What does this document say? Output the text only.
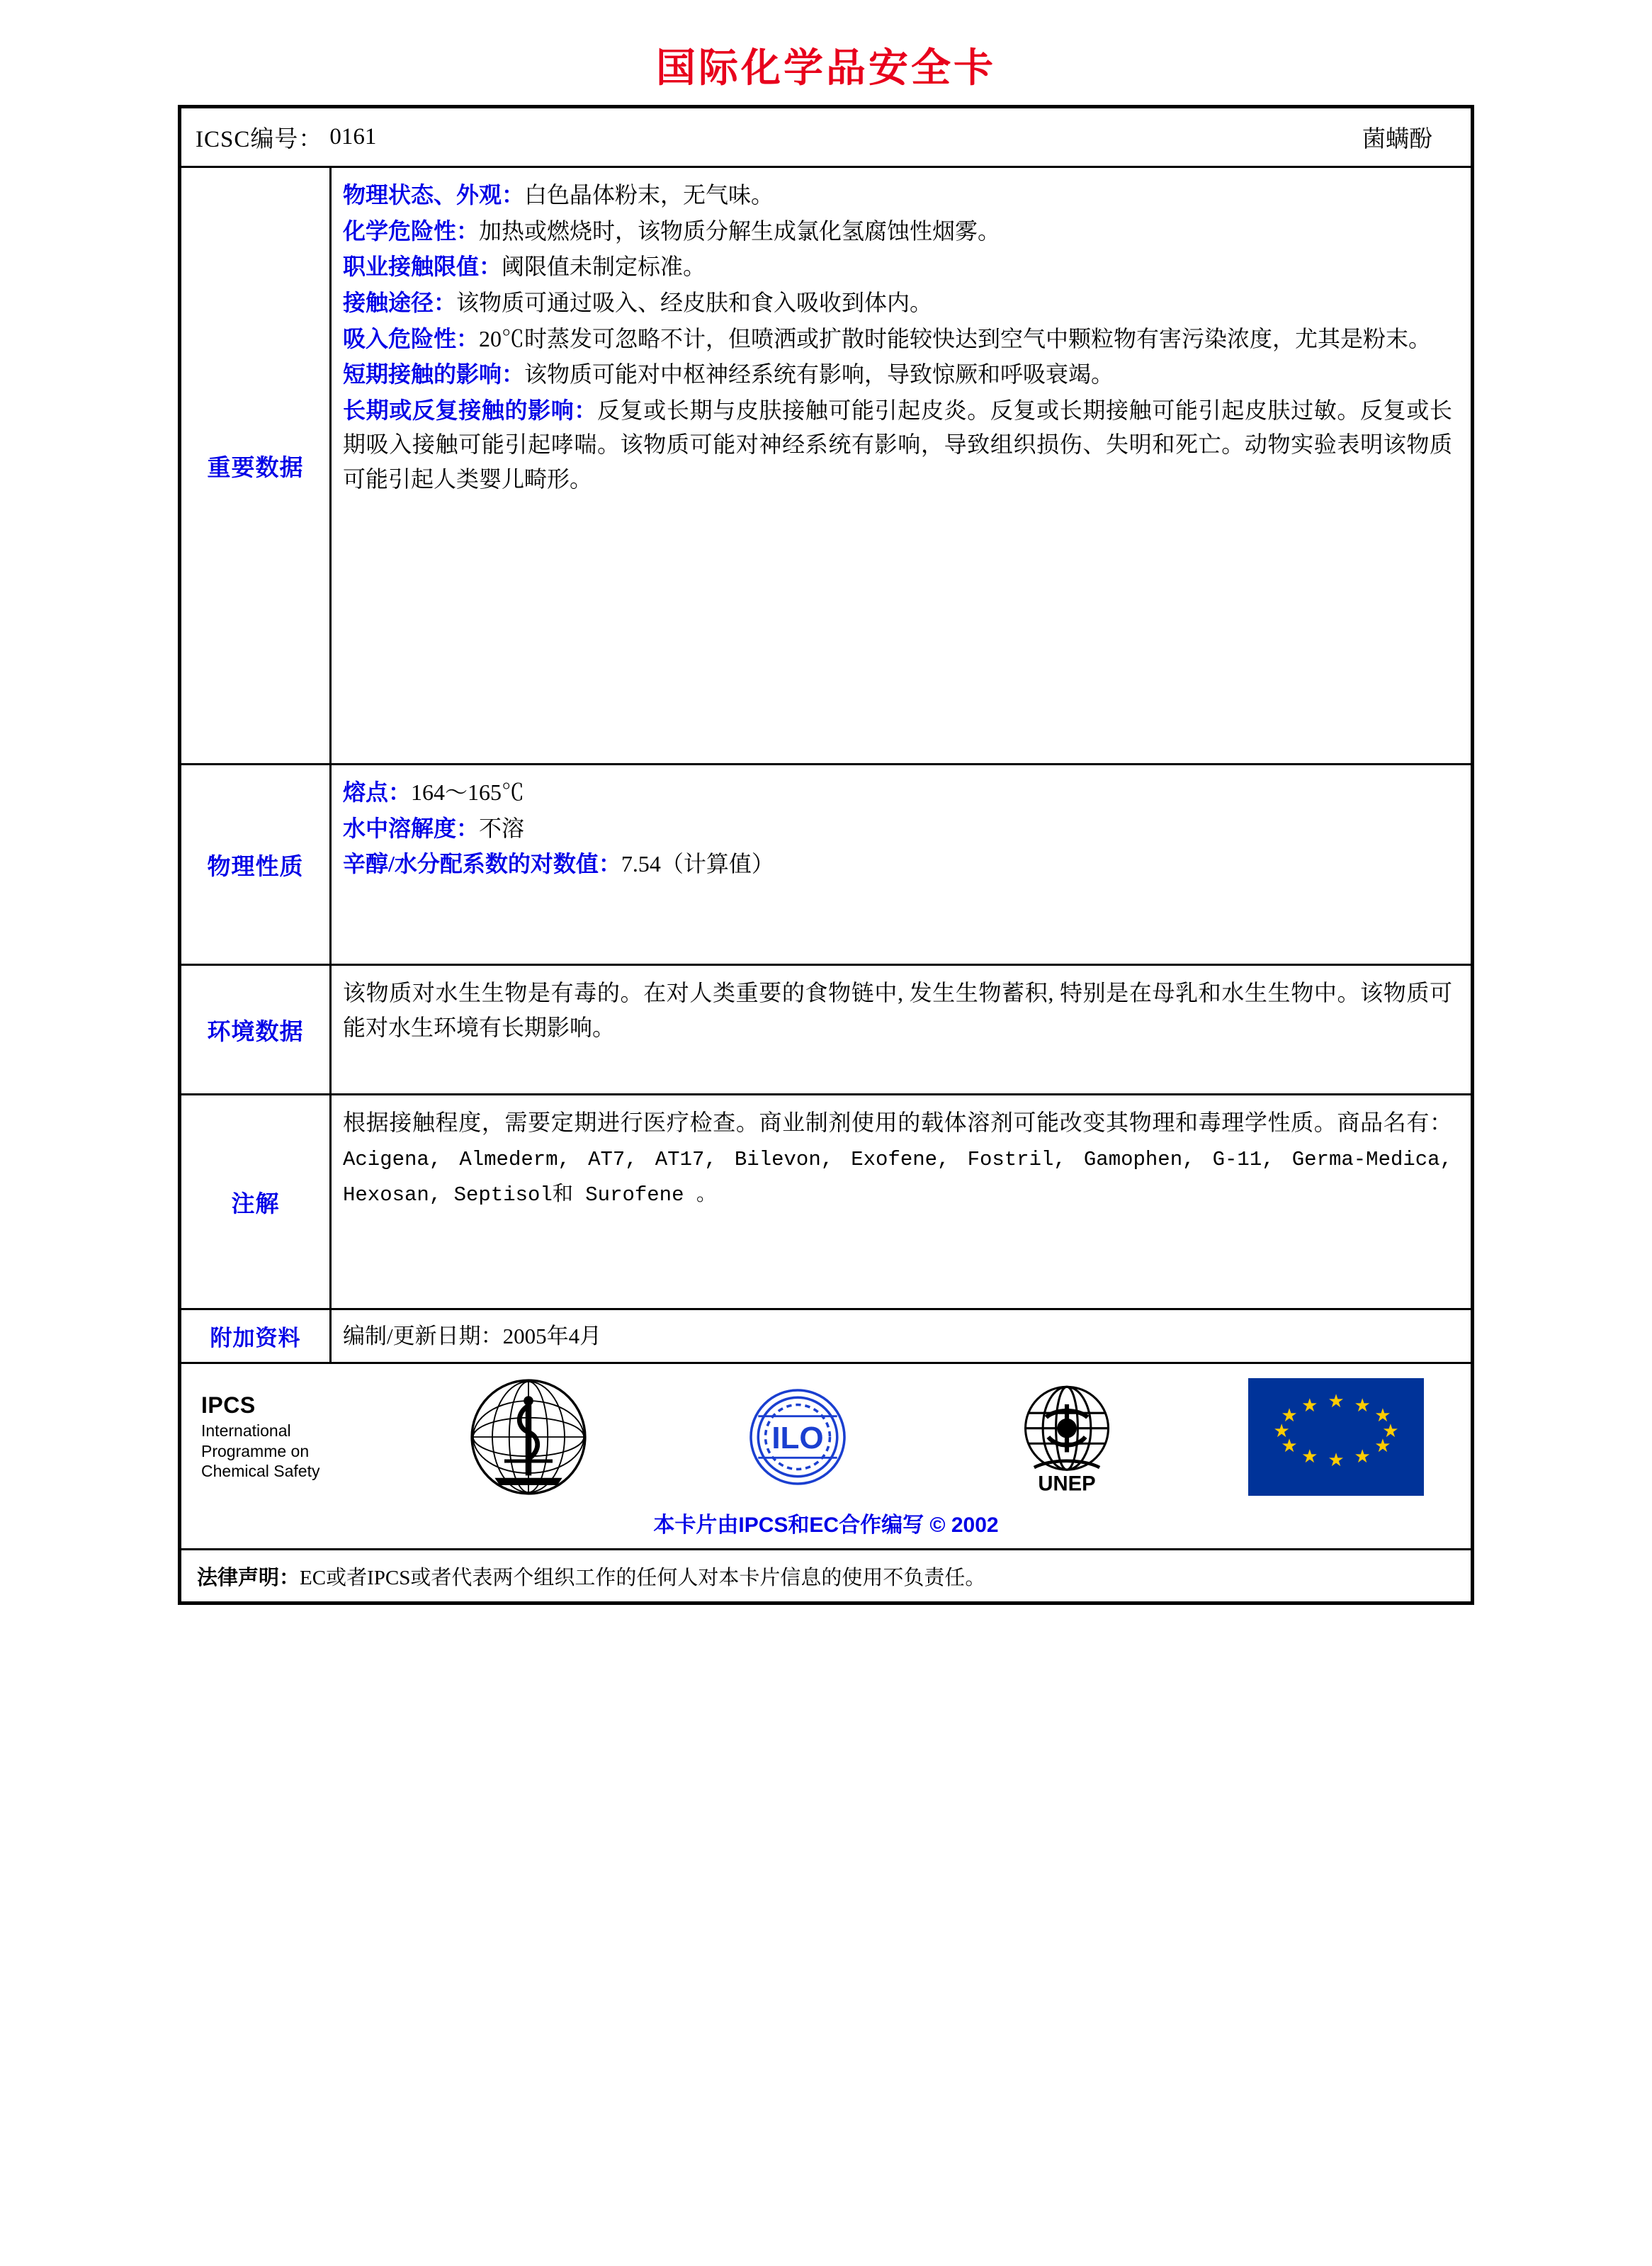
国际化学品安全卡
ICSC编号： 0161	菌螨酚
重要数据

物理状态、外观：白色晶体粉末，无气味。

化学危险性：加热或燃烧时，该物质分解生成氯化氢腐蚀性烟雾。

职业接触限值：阈限值未制定标准。

接触途径：该物质可通过吸入、经皮肤和食入吸收到体内。

吸入危险性：20℃时蒸发可忽略不计，但喷洒或扩散时能较快达到空气中颗粒物有害污染浓度，尤其是粉末。

短期接触的影响：该物质可能对中枢神经系统有影响，导致惊厥和呼吸衰竭。

长期或反复接触的影响：反复或长期与皮肤接触可能引起皮炎。反复或长期接触可能引起皮肤过敏。反复或长期吸入接触可能引起哮喘。该物质可能对神经系统有影响，导致组织损伤、失明和死亡。动物实验表明该物质可能引起人类婴儿畸形。

物理性质

熔点：164～165℃

水中溶解度：不溶

辛醇/水分配系数的对数值：7.54（计算值）

环境数据

该物质对水生生物是有毒的。在对人类重要的食物链中, 发生生物蓄积, 特别是在母乳和水生生物中。该物质可能对水生环境有长期影响。

注解

根据接触程度，需要定期进行医疗检查。商业制剂使用的载体溶剂可能改变其物理和毒理学性质。商品名有：Acigena, Almederm, AT7, AT17, Bilevon, Exofene, Fostril, Gamophen, G-11, Germa-Medica, Hexosan, Septisol和 Surofene 。

附加资料	编制/更新日期：2005年4月
IPCS
International
Programme on
Chemical Safety
ILO
UNEP
★ ★ ★
★
★
★
★
★
★
★
★ ★
本卡片由IPCS和EC合作编写 © 2002
法律声明： EC或者IPCS或者代表两个组织工作的任何人对本卡片信息的使用不负责任。
